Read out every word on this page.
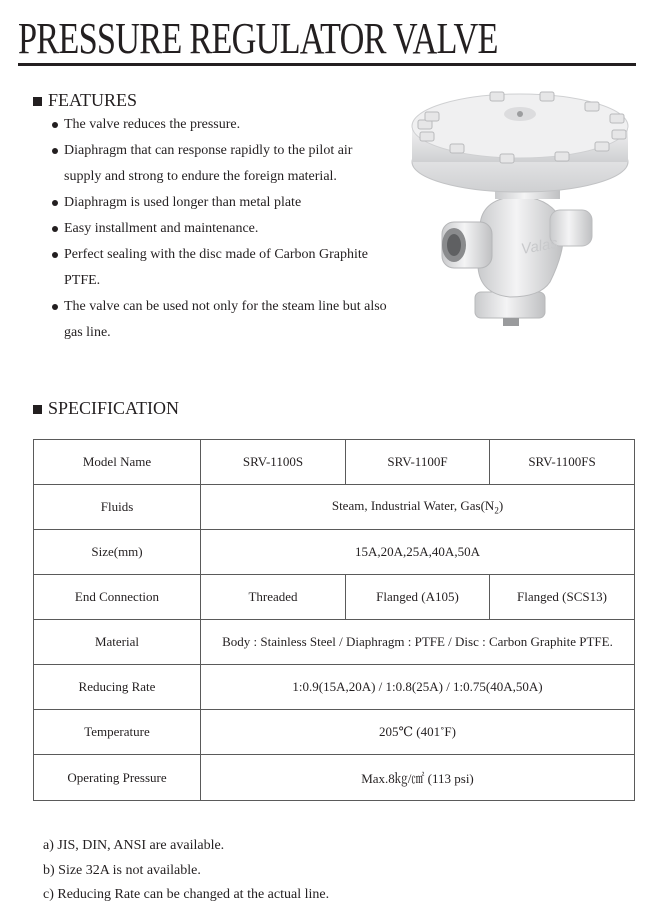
PRESSURE REGULATOR VALVE
FEATURES
The valve reduces the pressure.
Diaphragm that can response rapidly to the pilot air supply and strong to endure the foreign material.
Diaphragm is used longer than metal plate
Easy installment and maintenance.
Perfect sealing with the disc made of Carbon Graphite PTFE.
The valve can be used not only for the steam line but also gas line.
Valas
SPECIFICATION
Model Name	SRV-1100S	SRV-1100F	SRV-1100FS
Fluids	Steam, Industrial Water, $Gas(N_2)$		
Size(mm)	15A,20A,25A,40A,50A		
End Connection	Threaded	Flanged (A105)	Flanged (SCS13)
Material	Body : Stainless Steel / Diaphragm : PTFE / Disc : Carbon Graphite PTFE.		
Reducing Rate	1:0.9(15A,20A) / 1:0.8(25A) / 1:0.75(40A,50A)		
Temperature	205℃ (401˚F)		
Operating Pressure	Max.8㎏/㎠ (113 psi)		
a) JIS, DIN, ANSI are available.
b) Size 32A is not available.
c) Reducing Rate can be changed at the actual line.
